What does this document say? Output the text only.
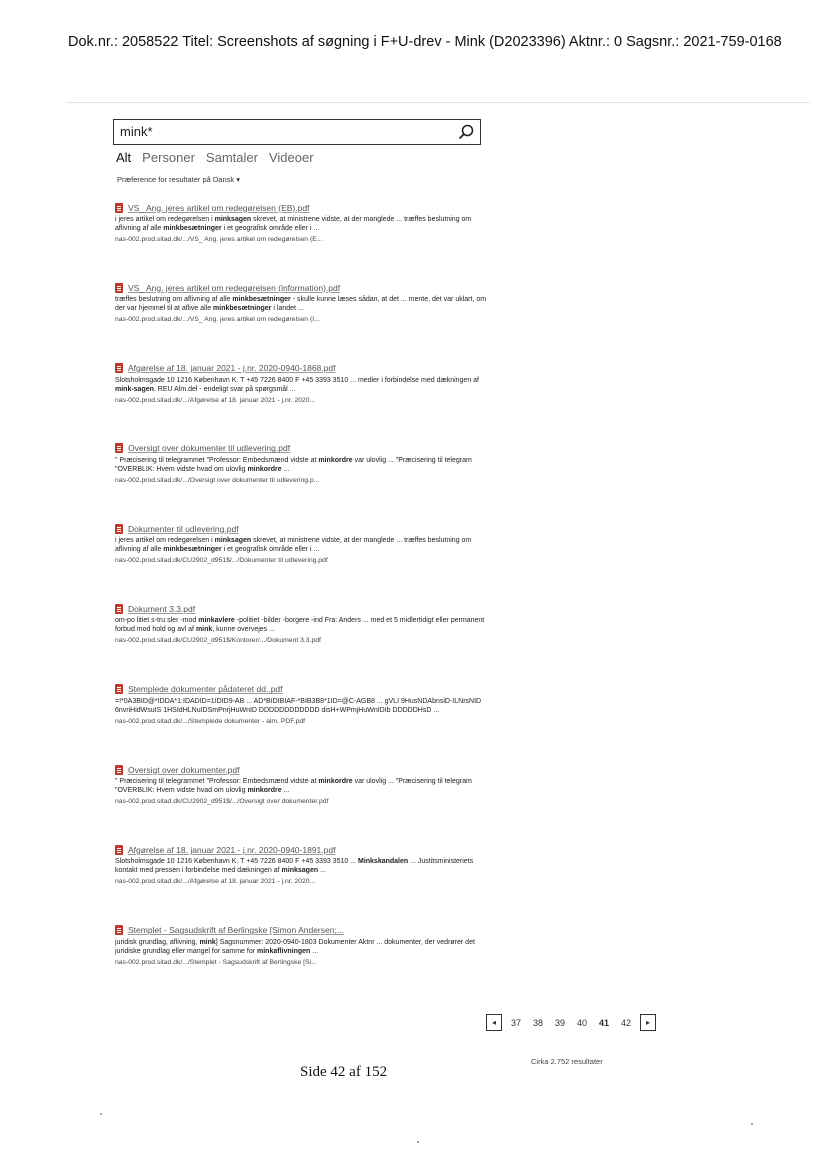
Dok.nr.: 2058522 Titel: Screenshots af søgning i F+U-drev - Mink (D2023396) Aktnr.: 0 Sagsnr.: 2021-759-0168
mink*
Alt Personer Samtaler Videoer
Præference for resultater på Dansk ▾
VS_ Ang. jeres artikel om redegørelsen (EB).pdf
i jeres artikel om redegørelsen i minksagen skrevet, at ministrene vidste, at der manglede ... træffes beslutning om aflivning af alle minkbesætninger i et geografisk område eller i ...
nas-002.prod.sitad.dk/.../VS_ Ang. jeres artikel om redegørelsen (E...
VS_ Ang. jeres artikel om redegørelsen (information).pdf
træffes beslutning om aflivning af alle minkbesætninger - skulle kunne læses sådan, at det ... mente, det var uklart, om der var hjemmel til at aflive alle minkbesætninger i landet ...
nas-002.prod.sitad.dk/.../VS_ Ang. jeres artikel om redegørelsen (I...
Afgørelse af 18. januar 2021 - j.nr. 2020-0940-1868.pdf
Slotsholmsgade 10 1216 København K. T +45 7226 8400 F +45 3393 3510 ... medier i forbindelse med dækningen af mink-sagen. REU Alm.del - endeligt svar på spørgsmål ...
nas-002.prod.sitad.dk/.../Afgørelse af 18. januar 2021 - j.nr. 2020...
Oversigt over dokumenter til udlevering.pdf
" Præcisering til telegrammet "Professor: Embedsmænd vidste at minkordre var ulovlig ... "Præcisering til telegram "OVERBLIK: Hvem vidste hvad om ulovlig minkordre ...
nas-002.prod.sitad.dk/.../Oversigt over dokumenter til udlevering.p...
Dokumenter til udlevering.pdf
i jeres artikel om redegørelsen i minksagen skrevet, at ministrene vidste, at der manglede ... træffes beslutning om aflivning af alle minkbesætninger i et geografisk område eller i ...
nas-002.prod.sitad.dk/CU2902_d951$/.../Dokumenter til udlevering.pdf
Dokument 3.3.pdf
om-po litiet s-tru sler -mod minkavlere -politiet -bilder -borgere -ind Fra: Anders ... med et 5 midlertidigt eller permanent forbud mod hold og avl af mink, kunne overvejes ...
nas-002.prod.sitad.dk/CU2902_d951$/Kontorer/.../Dokument 3.3.pdf
Stemplede dokumenter pådateret dd..pdf
=!*0A3BID@*IDDA*1:IDADID=1IDID9-AB ... AD*BIDIBIAF-*BIB3B8*1ID=@C-AGB8 ... gVLI 9HusNDAbnsiD-ILNrsNID 6nvriHidWsuIS 1HSIdHLNuIDSmPnrjHuWnID DDDDDDDDDDDD disH+WPmjHuWnIDIb DDDDDHsD ...
nas-002.prod.sitad.dk/.../Stemplede dokumenter - alm. PDF.pdf
Oversigt over dokumenter.pdf
" Præcisering til telegrammet "Professor: Embedsmænd vidste at minkordre var ulovlig ... "Præcisering til telegram "OVERBLIK: Hvem vidste hvad om ulovlig minkordre ...
nas-002.prod.sitad.dk/CU2902_d951$/.../Oversigt over dokumenter.pdf
Afgørelse af 18. januar 2021 - j.nr. 2020-0940-1891.pdf
Slotsholmsgade 10 1216 København K. T +45 7226 8400 F +45 3393 3510 ... Minkskandalen ... Justitsministeriets kontakt med pressen i forbindelse med dækningen af minksagen ...
nas-002.prod.sitad.dk/.../Afgørelse af 18. januar 2021 - j.nr. 2020...
Stemplet - Sagsudskrift af Berlingske [Simon Andersen;...
juridisk grundlag, aflivning, mink] Sagsnummer: 2020-0940-1803 Dokumenter Aktnr ... dokumenter, der vedrører det juridiske grundlag eller mangel for samme for minkaflivningen ...
nas-002.prod.sitad.dk/.../Stemplet - Sagsudskrift af Berlingske [Si...
◂	37	38	39	40	41	42	▸
Cirka 2.752 resultater
Side 42 af 152
